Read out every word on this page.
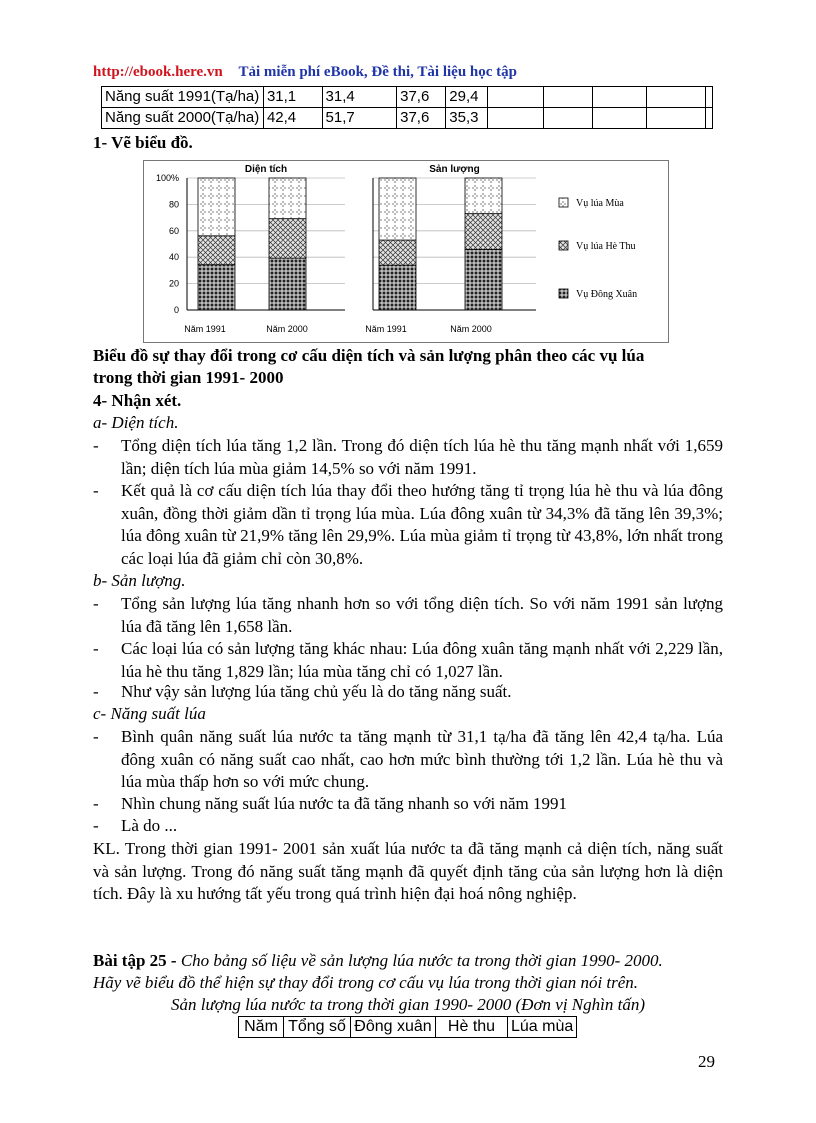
http://ebook.here.vn Tải miễn phí eBook, Đề thi, Tài liệu học tập
Năng suất 1991(Tạ/ha)	31,1	31,4	37,6	29,4					
Năng suất 2000(Tạ/ha)	42,4	51,7	37,6	35,3					
1- Vẽ biểu đồ.
0
20
40
60
80
100%
Diện tích
Năm 1991	Năm 2000
Sản lượng
Năm 1991	Năm 2000
Vụ lúa Mùa
Vụ lúa Hè Thu
Vụ Đông Xuân
Biểu đồ sự thay đổi trong cơ cấu diện tích và sản lượng phân theo các vụ lúa
trong thời gian 1991- 2000
4- Nhận xét.
a- Diện tích.
- Tổng diện tích lúa tăng 1,2 lần. Trong đó diện tích lúa hè thu tăng mạnh nhất với 1,659 lần; diện tích lúa mùa giảm 14,5% so với năm 1991.
- Kết quả là cơ cấu diện tích lúa thay đổi theo hướng tăng tỉ trọng lúa hè thu và lúa đông xuân, đồng thời giảm dần tỉ trọng lúa mùa. Lúa đông xuân từ 34,3% đã tăng lên 39,3%; lúa đông xuân từ 21,9% tăng lên 29,9%. Lúa mùa giảm tỉ trọng từ 43,8%, lớn nhất trong các loại lúa đã giảm chỉ còn 30,8%.
b- Sản lượng.
- Tổng sản lượng lúa tăng nhanh hơn so với tổng diện tích. So với năm 1991 sản lượng lúa đã tăng lên 1,658 lần.
- Các loại lúa có sản lượng tăng khác nhau: Lúa đông xuân tăng mạnh nhất với 2,229 lần, lúa hè thu tăng 1,829 lần; lúa mùa tăng chỉ có 1,027 lần.
- Như vậy sản lượng lúa tăng chủ yếu là do tăng năng suất.
c- Năng suất lúa
- Bình quân năng suất lúa nước ta tăng mạnh từ 31,1 tạ/ha đã tăng lên 42,4 tạ/ha. Lúa đông xuân có năng suất cao nhất, cao hơn mức bình thường tới 1,2 lần. Lúa hè thu và lúa mùa thấp hơn so với mức chung.
- Nhìn chung năng suất lúa nước ta đã tăng nhanh so với năm 1991
- Là do ...
KL. Trong thời gian 1991- 2001 sản xuất lúa nước ta đã tăng mạnh cả diện tích, năng suất và sản lượng. Trong đó năng suất tăng mạnh đã quyết định tăng của sản lượng hơn là diện tích. Đây là xu hướng tất yếu trong quá trình hiện đại hoá nông nghiệp.
Bài tập 25 - Cho bảng số liệu về sản lượng lúa nước ta trong thời gian 1990- 2000.
Hãy vẽ biểu đồ thể hiện sự thay đổi trong cơ cấu vụ lúa trong thời gian nói trên.
Sản lượng lúa nước ta trong thời gian 1990- 2000 (Đơn vị Nghìn tấn)
Năm	Tổng số	Đông xuân	Hè thu	Lúa mùa
29
